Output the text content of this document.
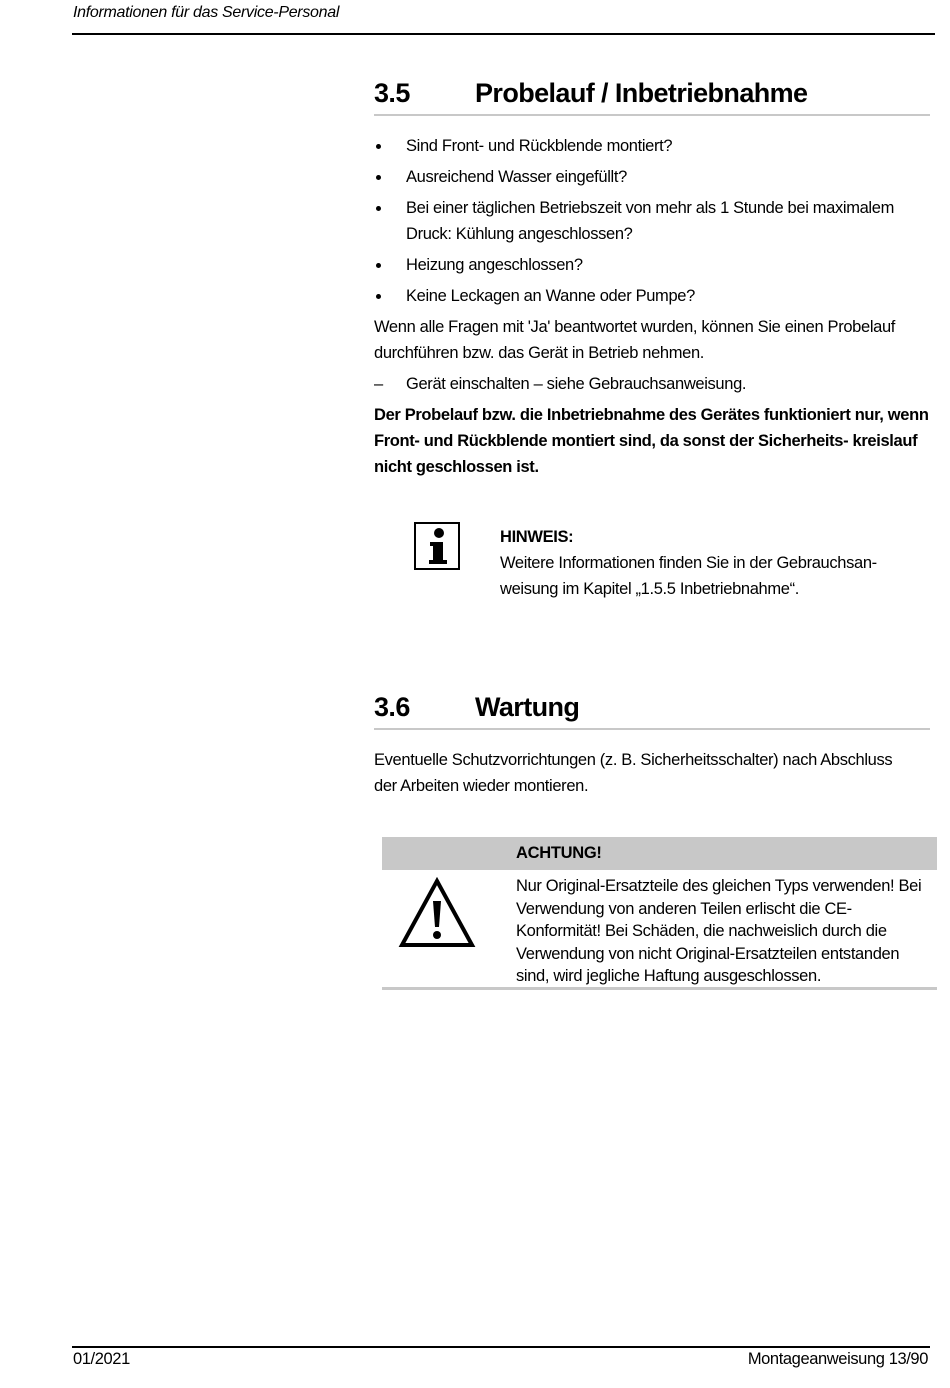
Informationen für das Service-Personal
3.5 Probelauf / Inbetriebnahme
Sind Front- und Rückblende montiert?
Ausreichend Wasser eingefüllt?
Bei einer täglichen Betriebszeit von mehr als 1 Stunde bei maximalem Druck: Kühlung angeschlossen?
Heizung angeschlossen?
Keine Leckagen an Wanne oder Pumpe?
Wenn alle Fragen mit 'Ja' beantwortet wurden, können Sie einen Probelauf durchführen bzw. das Gerät in Betrieb nehmen.
– Gerät einschalten – siehe Gebrauchsanweisung.
Der Probelauf bzw. die Inbetriebnahme des Gerätes funktioniert nur, wenn Front- und Rückblende montiert sind, da sonst der Sicherheits- kreislauf nicht geschlossen ist.
HINWEIS:
Weitere Informationen finden Sie in der Gebrauchsan-
weisung im Kapitel „1.5.5 Inbetriebnahme“.
3.6 Wartung
Eventuelle Schutzvorrichtungen (z. B. Sicherheitsschalter) nach Abschluss der Arbeiten wieder montieren.
ACHTUNG!
Nur Original-Ersatzteile des gleichen Typs verwenden! Bei Verwendung von anderen Teilen erlischt die CE-Konformität! Bei Schäden, die nachweislich durch die Verwendung von nicht Original-Ersatzteilen entstanden sind, wird jegliche Haftung ausgeschlossen.
01/2021	Montageanweisung 13/90
